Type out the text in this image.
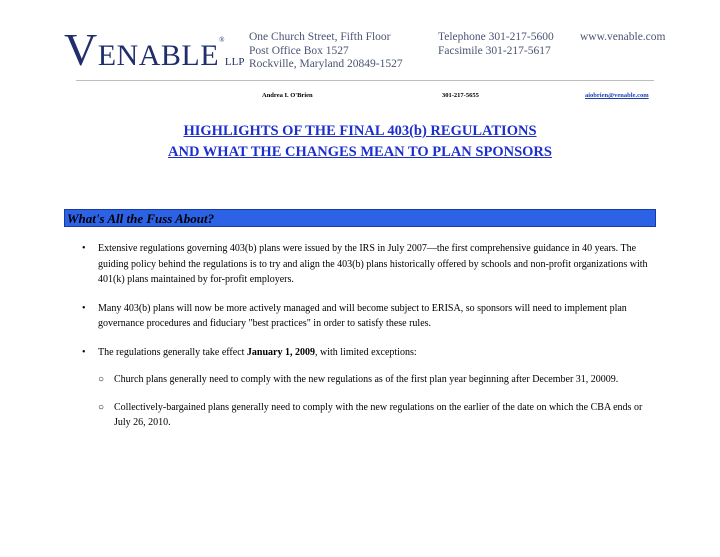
VENABLE®LLP
One Church Street, Fifth Floor
Post Office Box 1527
Rockville, Maryland 20849-1527
Telephone 301-217-5600
Facsimile 301-217-5617
www.venable.com
Andrea I. O'Brien	301-217-5655	aiobrien@venable.com
HIGHLIGHTS OF THE FINAL 403(b) REGULATIONS
AND WHAT THE CHANGES MEAN TO PLAN SPONSORS
What's All the Fuss About?
• Extensive regulations governing 403(b) plans were issued by the IRS in July 2007—the first comprehensive guidance in 40 years. The guiding policy behind the regulations is to try and align the 403(b) plans historically offered by schools and non-profit organizations with 401(k) plans maintained by for-profit employers.
• Many 403(b) plans will now be more actively managed and will become subject to ERISA, so sponsors will need to implement plan governance procedures and fiduciary "best practices" in order to satisfy these rules.
• The regulations generally take effect January 1, 2009, with limited exceptions:
○ Church plans generally need to comply with the new regulations as of the first plan year beginning after December 31, 20009.
○ Collectively-bargained plans generally need to comply with the new regulations on the earlier of the date on which the CBA ends or July 26, 2010.
